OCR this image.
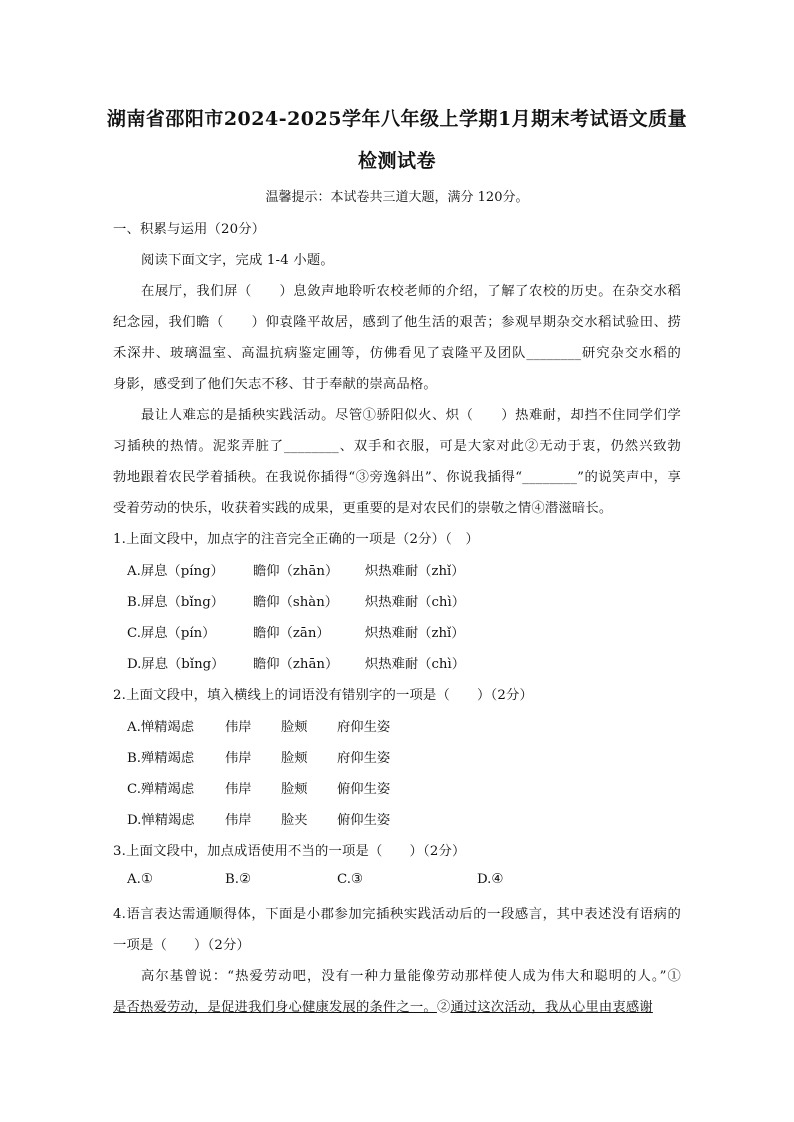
湖南省邵阳市2024-2025学年八年级上学期1月期末考试语文质量
检测试卷
温馨提示：本试卷共三道大题，满分 120分。
一、积累与运用（20分）
阅读下面文字，完成 1-4 小题。
在展厅，我们屏（　　）息敛声地聆听农校老师的介绍，了解了农校的历史。在杂交水稻
纪念园，我们瞻（　　）仰袁隆平故居，感到了他生活的艰苦；参观早期杂交水稻试验田、捞
禾深井、玻璃温室、高温抗病鉴定圃等，仿佛看见了袁隆平及团队________研究杂交水稻的
身影，感受到了他们矢志不移、甘于奉献的崇高品格。
最让人难忘的是插秧实践活动。尽管①骄阳似火、炽（　　）热难耐，却挡不住同学们学
习插秧的热情。泥浆弄脏了________、双手和衣服，可是大家对此②无动于衷，仍然兴致勃
勃地跟着农民学着插秧。在我说你插得“③旁逸斜出”、你说我插得“________”的说笑声中，享
受着劳动的快乐，收获着实践的成果，更重要的是对农民们的崇敬之情④潜滋暗长。
1.上面文段中，加点字的注音完全正确的一项是（2分）（　）
A.屏息（píng） 瞻仰（zhān） 炽热难耐（zhǐ）
B.屏息（bǐng） 瞻仰（shàn） 炽热难耐（chì）
C.屏息（pín）	瞻仰（zān）	炽热难耐（zhǐ）
D.屏息（bǐng） 瞻仰（zhān） 炽热难耐（chì）
2.上面文段中，填入横线上的词语没有错别字的一项是（　　）（2分）
A.惮精竭虑 伟岸 脸颊 府仰生姿
B.殚精竭虑 伟岸 脸颊 府仰生姿
C.殚精竭虑 伟岸 脸颊 俯仰生姿
D.惮精竭虑 伟岸 脸夹 俯仰生姿
3.上面文段中，加点成语使用不当的一项是（　　）（2分）
A.①	B.②	C.③	D.④
4.语言表达需通顺得体，下面是小郡参加完插秧实践活动后的一段感言，其中表述没有语病的
一项是（　　）（2分）
高尔基曾说：“热爱劳动吧，没有一种力量能像劳动那样使人成为伟大和聪明的人。”①
是否热爱劳动，是促进我们身心健康发展的条件之一。②通过这次活动，我从心里由衷感谢
